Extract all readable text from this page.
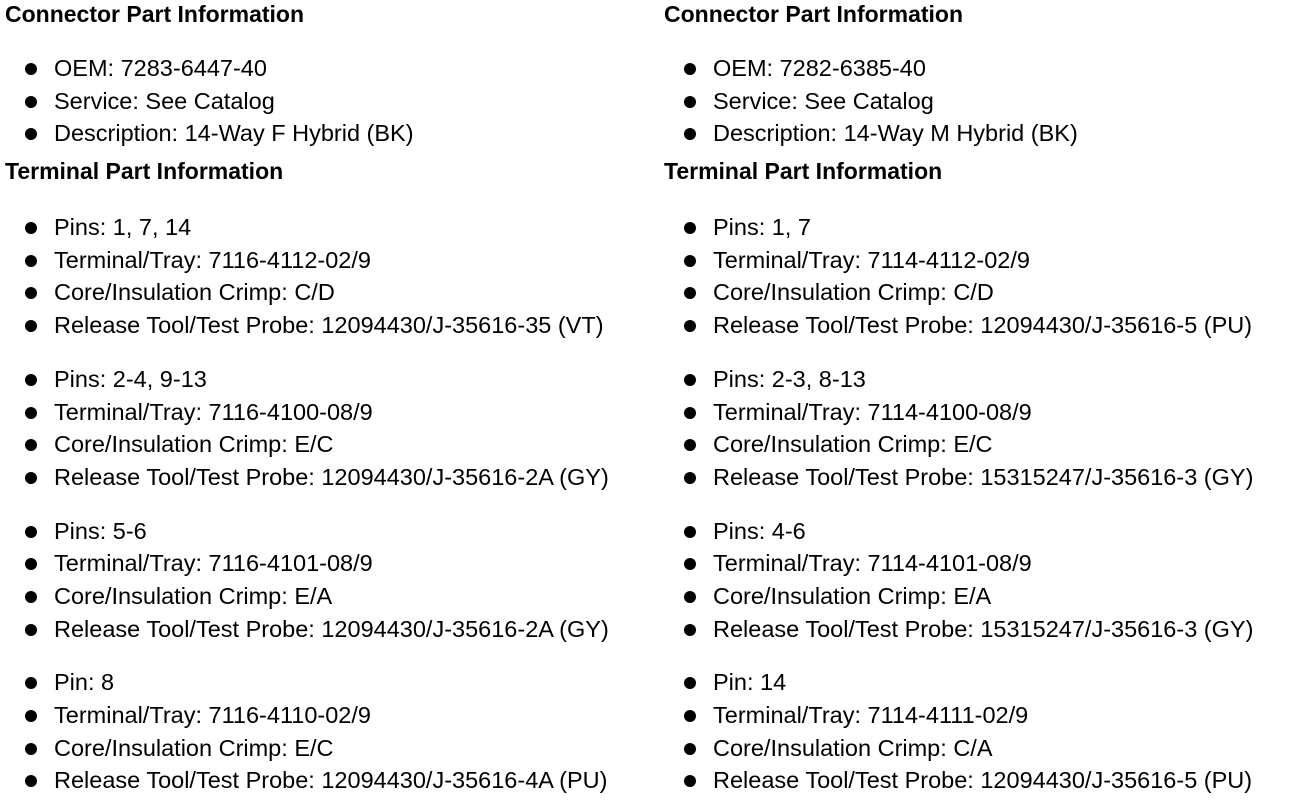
Connector Part Information
OEM: 7283-6447-40
Service: See Catalog
Description: 14-Way F Hybrid (BK)
Terminal Part Information
Pins: 1, 7, 14
Terminal/Tray: 7116-4112-02/9
Core/Insulation Crimp: C/D
Release Tool/Test Probe: 12094430/J-35616-35 (VT)
Pins: 2-4, 9-13
Terminal/Tray: 7116-4100-08/9
Core/Insulation Crimp: E/C
Release Tool/Test Probe: 12094430/J-35616-2A (GY)
Pins: 5-6
Terminal/Tray: 7116-4101-08/9
Core/Insulation Crimp: E/A
Release Tool/Test Probe: 12094430/J-35616-2A (GY)
Pin: 8
Terminal/Tray: 7116-4110-02/9
Core/Insulation Crimp: E/C
Release Tool/Test Probe: 12094430/J-35616-4A (PU)
Connector Part Information
OEM: 7282-6385-40
Service: See Catalog
Description: 14-Way M Hybrid (BK)
Terminal Part Information
Pins: 1, 7
Terminal/Tray: 7114-4112-02/9
Core/Insulation Crimp: C/D
Release Tool/Test Probe: 12094430/J-35616-5 (PU)
Pins: 2-3, 8-13
Terminal/Tray: 7114-4100-08/9
Core/Insulation Crimp: E/C
Release Tool/Test Probe: 15315247/J-35616-3 (GY)
Pins: 4-6
Terminal/Tray: 7114-4101-08/9
Core/Insulation Crimp: E/A
Release Tool/Test Probe: 15315247/J-35616-3 (GY)
Pin: 14
Terminal/Tray: 7114-4111-02/9
Core/Insulation Crimp: C/A
Release Tool/Test Probe: 12094430/J-35616-5 (PU)
